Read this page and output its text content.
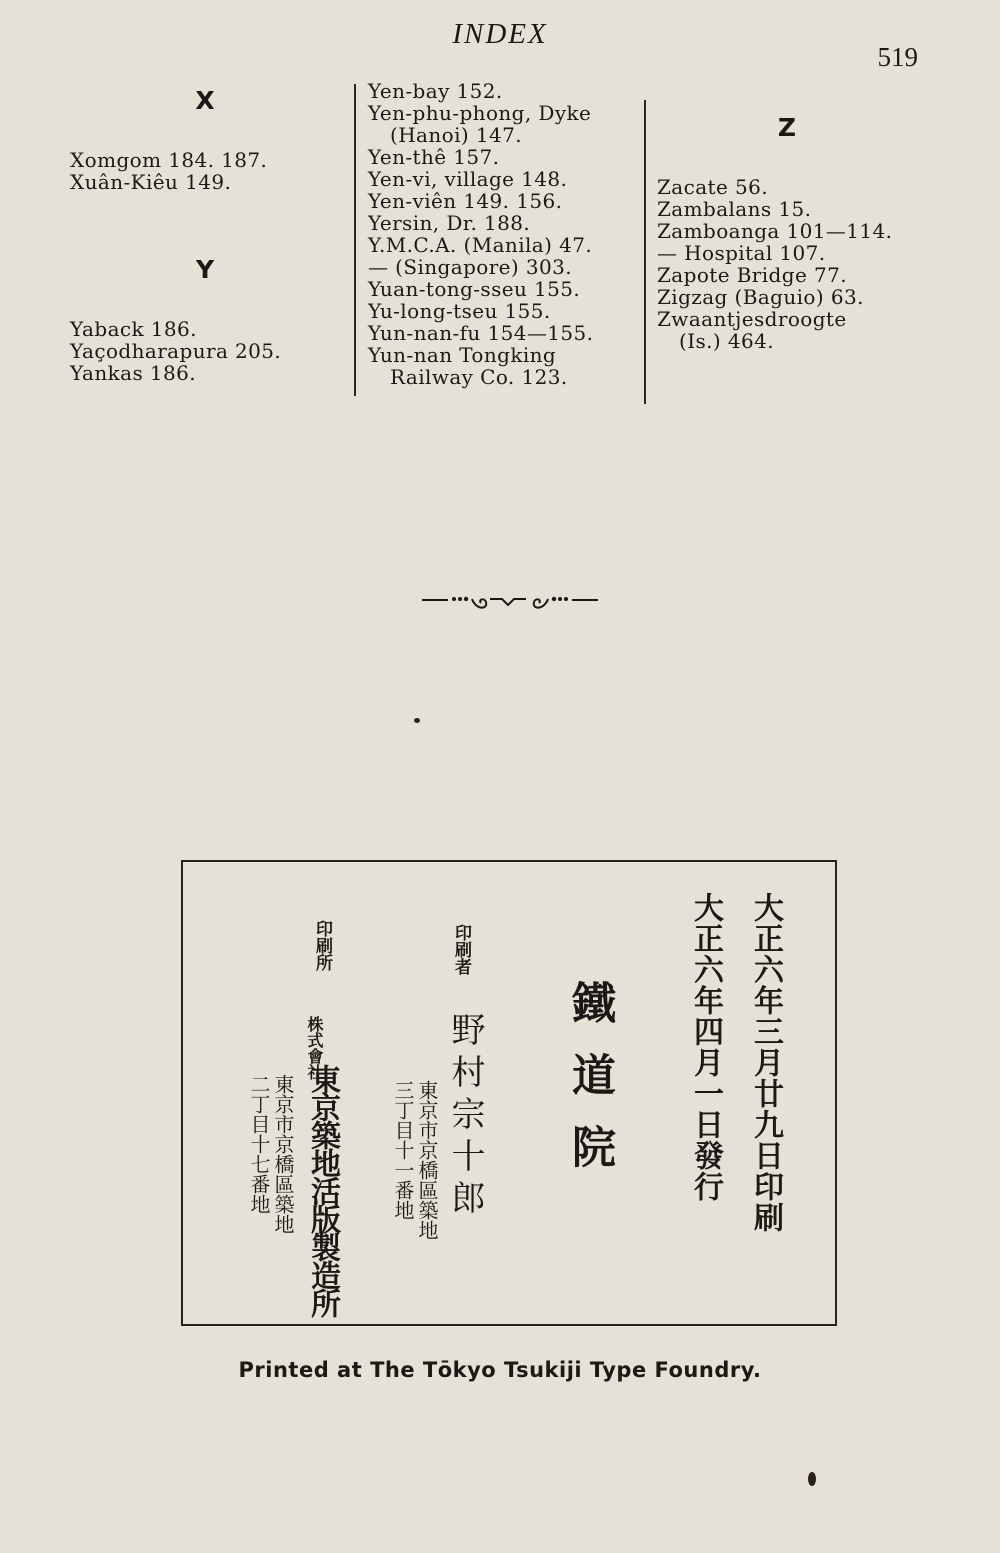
INDEX
519

X

Xomgom 184. 187.

Xuân-Kiêu 149.

Y

Yaback 186.

Yaçodharapura 205.

Yankas 186.

Yen-bay 152.

Yen-phu-phong, Dyke

(Hanoi) 147.

Yen-thê 157.

Yen-vi, village 148.

Yen-viên 149. 156.

Yersin, Dr. 188.

Y.M.C.A. (Manila) 47.

— (Singapore) 303.

Yuan-tong-sseu 155.

Yu-long-tseu 155.

Yun-nan-fu 154—155.

Yun-nan Tongking

Railway Co. 123.

Z

Zacate 56.

Zambalans 15.

Zamboanga 101—114.

— Hospital 107.

Zapote Bridge 77.

Zigzag (Baguio) 63.

Zwaantjesdroogte

(Is.) 464.

大正六年三月廿九日印刷
大正六年四月一日發行
鐵道院
印刷者
野村宗十郎
東京市京橋區築地
三丁目十一番地
印刷所
株式會社
東京築地活版製造所
東京市京橋區築地
二丁目十七番地
Printed at The Tōkyo Tsukiji Type Foundry.
